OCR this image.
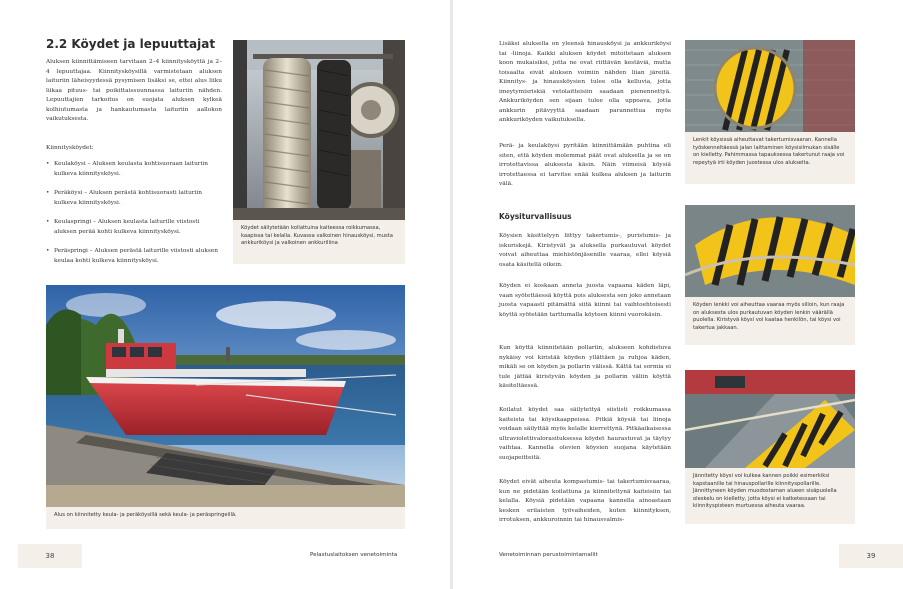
2.2 Köydet ja lepuuttajat

Aluksen kiinnittämiseen tarvitaan 2–4 kiinnitysköyttä ja 2–4 lepuuttajaa. Kiinnitysköysillä varmistetaan aluksen laituriin läheisyydessä pysymisen lisäksi se, ettei alus liiku liikaa pituus- tai poikittaissuunnassa laituriin nähden. Lepuuttajien tarkoitus on suojata aluksen kylkeä kolhiutumasta ja hankautumasta laituriin aallokon vaikutuksesta.

Kiinnitysköydet:

• Keulaköysi – Aluksen keulasta kohtisuoraan laituriin kulkeva kiinnitysköysi.
• Peräköysi – Aluksen perästä kohtisuorasti laituriin kulkeva kiinnitysköysi.
• Keulaspringi – Aluksen keulasta laiturille viistosti aluksen perää kohti kulkeva kiinnitysköysi.
• Peräspringi – Aluksen perästä laiturille viistosti aluksen keulaa kohti kulkeva kiinnitysköysi.
Köydet säilytetään kollattuina kaiteessa roikkumassa, kaapissa tai kelalla. Kuvassa valkoinen hinausköysi, musta ankkuriköysi ja valkoinen ankkuriliina
Alus on kiinnitetty keula- ja peräköysillä sekä keula- ja peräspringeillä.
38	Pelastuslaitoksen venetoiminta

Lisäksi aluksella on yleensä hinausköysi ja ankkuriköysi tai -liinoja. Kaikki aluksen köydet mitoitetaan aluksen koon mukaisiksi, jotta ne ovat riittävän kestäviä, mutta toisaalta eivät aluksen voimiin nähden liian järeitä. Kiinnitys- ja hinausköysien tulee olla kelluvia, jotta imeytymisriskiä vetolaitteisiin saadaan pienennettyä. Ankkuriköyden sen sijaan tulee olla uppoava, jotta ankkurin pitävyyttä saadaan parannettua myös ankkuriköyden vaikutuksella.

Perä- ja keulaköysi pyritään kiinnittämään puhtina eli siten, että köyden molemmat päät ovat aluksella ja se on irrotettavissa aluksesta käsin. Näin viimeisä köysiä irrotettaessa ei tarvitse enää kulkea aluksen ja laiturin välä.

Köysiturvallisuus

Köysien käsittelyyn liittyy takertumis-, puristumis- ja iskuriskejä. Kiristyvät ja aluksella purkautuvat köydet voivat aiheuttaa miehistönjäsenille vaaraa, ellei köysiä osata käsitellä oikein.

Köyden ei koskaan anneta juosta vapaana käden läpi, vaan syötettäessä köyttä pois aluksesta sen joko annetaan juosta vapaasti pitämättä siitä kiinni tai vaihtoehtoisesti köyttä syötetään tarttumalla köyteen kiinni vuorokäsin.

Kun köyttä kiinnitetään pollariin, alukseen kohdistuva nykäisy voi kiristää köyden yllättäen ja ruhjoa käden, mikäli se on köyden ja pollarin välissä. Kättä tai sormia ei tule jättää kiristyvän köyden ja pollarin väliin köyttä käsiteltäessä.

Koilatut köydet saa säilytettyä siististi roikkumassa kaiteista tai köysikaappeissa. Pitkiä köysiä tai liinoja voidaan säilyttää myös kelalle kierrettynä. Pitkäaikaisessa ultraviolettivalorasituksessa köydet haurastuvat ja täytyy vaihtaa. Kannella olevien köysien suojana käytetään suojapeitteitä.

Köydet eivät aiheuta kompastumis- tai takertumisvaaraa, kun ne pidetään koilattuna ja kiinnitettynä kaiteisiin tai kelalla. Köysiä pidetään vapaana kannella ainoastaan kesken erilaisten työvaiheiden, kuten kiinnityksen, irrotuksen, ankkuroinnin tai hinausvalmis-

Lenkit köysissä aiheuttavat takertumisvaaran. Kannella työskenneltäessä jalan laittaminen köysisilmukan sisälle on kielletty. Pahimmassa tapauksessa takertunut raaja voi repeytyä irti köyden juostessa ulos alukselta.
Köyden lenkki voi aiheuttaa vaaraa myös silloin, kun raaja on aluksesta ulos purkautuvan köyden lenkin väärällä puolella. Kiristyvä köysi voi kaataa henkilön, tai köysi voi takertua jakkaan.
Jännitetty köysi voi kulkea kannen poikki esimerkiksi kapstaanille tai hinauspollarille kiinnityspollarille. Jännittyneen köyden muodostaman alueen sisäpuolella oleskelu on kielletty, jotta köysi ei katketessaan tai kiinnityspisteen murtuessa aiheuta vaaraa.
Venetoiminnan perustoimintamallit	39
